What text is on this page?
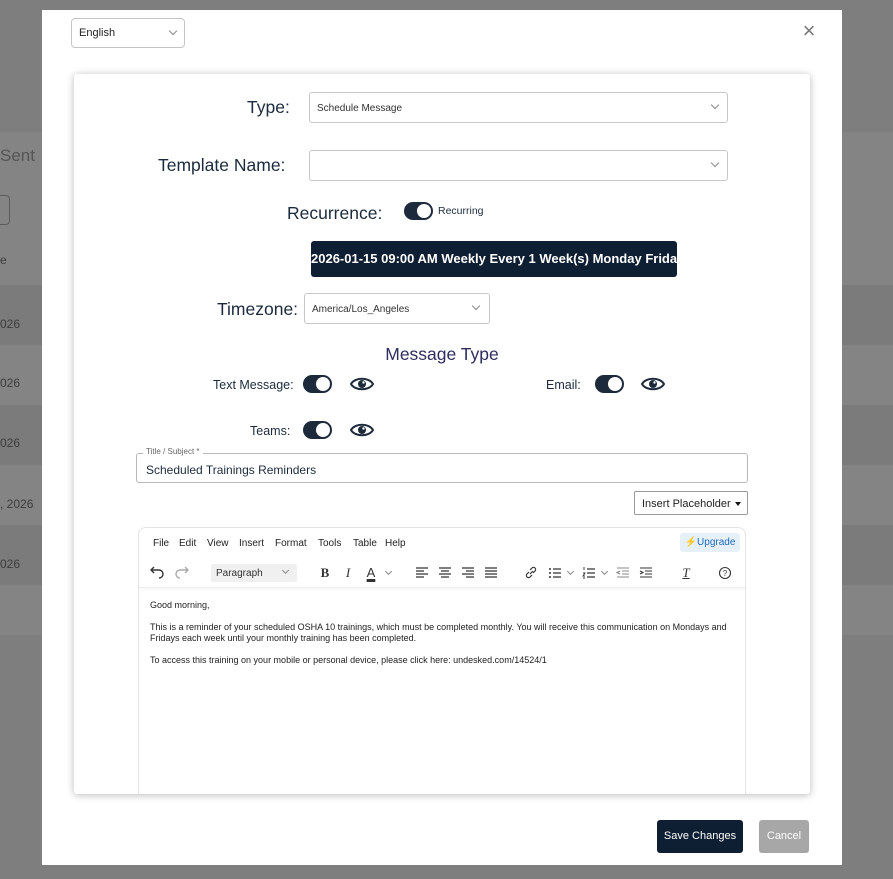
Sent
e
026

026

026
, 2026
026
English	×
Type:	Schedule Message
Template Name:
Recurrence:	Recurring
2026-01-15 09:00 AM Weekly Every 1 Week(s) Monday Friday
Timezone:	America/Los_Angeles
Message Type
Text Message:	Email:
Teams:
Title / Subject *
Scheduled Trainings Reminders
Insert Placeholder
File Edit View Insert Format Tools Table Help	⚡Upgrade
Paragraph	B	I	A	T	?

Good morning,

This is a reminder of your scheduled OSHA 10 trainings, which must be completed monthly. You will receive this communication on Mondays and Fridays each week until your monthly training has been completed.

To access this training on your mobile or personal device, please click here: undesked.com/14524/1

Save Changes	Cancel
